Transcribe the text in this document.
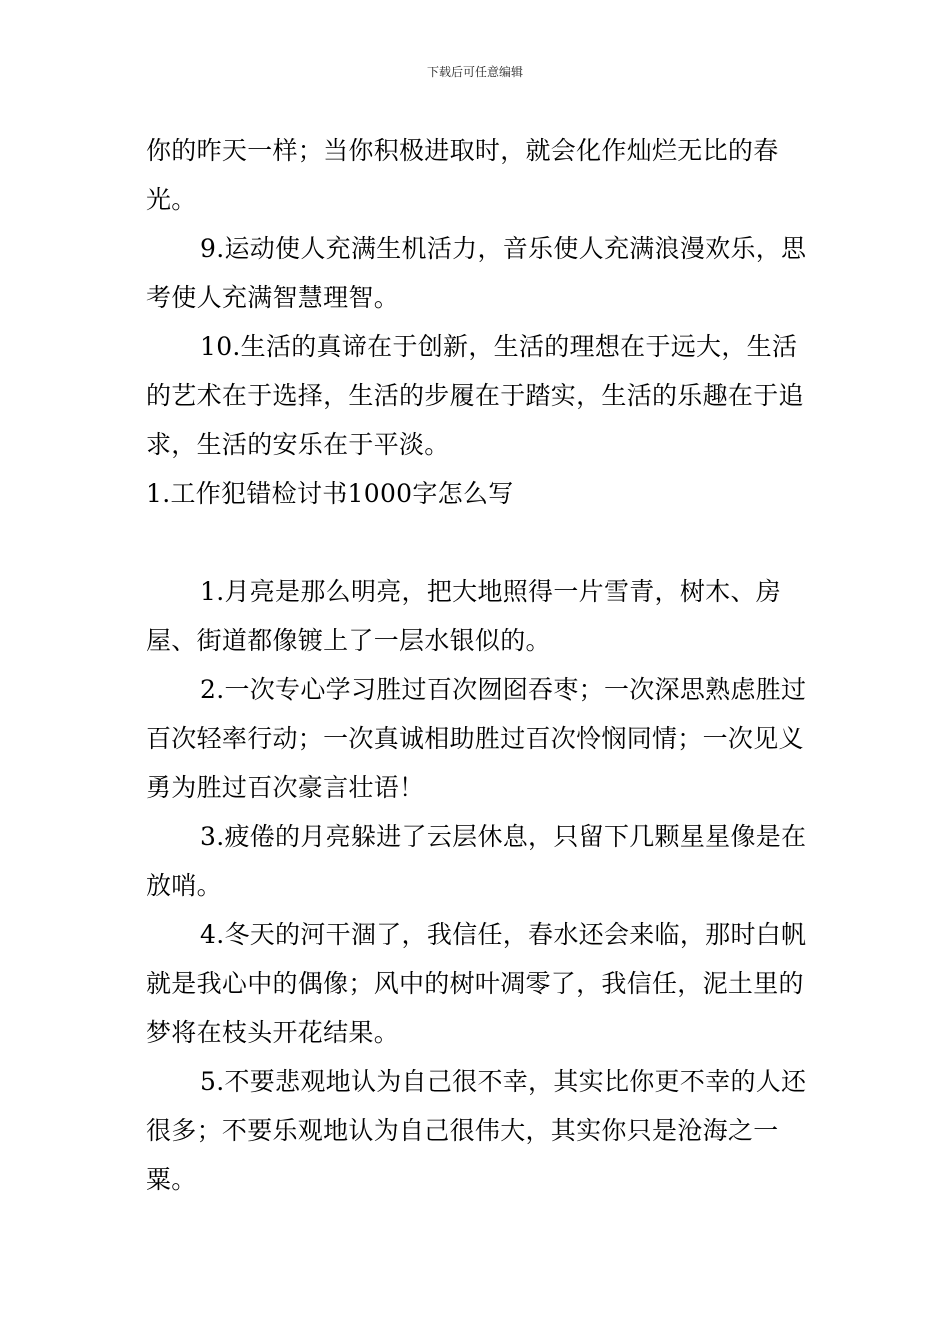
下载后可任意编辑

你的昨天一样；当你积极进取时，就会化作灿烂无比的春光。

9.运动使人充满生机活力，音乐使人充满浪漫欢乐，思考使人充满智慧理智。

10.生活的真谛在于创新，生活的理想在于远大，生活的艺术在于选择，生活的步履在于踏实，生活的乐趣在于追求，生活的安乐在于平淡。

1.工作犯错检讨书1000字怎么写

1.月亮是那么明亮，把大地照得一片雪青，树木、房屋、街道都像镀上了一层水银似的。

2.一次专心学习胜过百次囫囵吞枣；一次深思熟虑胜过百次轻率行动；一次真诚相助胜过百次怜悯同情；一次见义勇为胜过百次豪言壮语！

3.疲倦的月亮躲进了云层休息，只留下几颗星星像是在放哨。

4.冬天的河干涸了，我信任，春水还会来临，那时白帆就是我心中的偶像；风中的树叶凋零了，我信任，泥土里的梦将在枝头开花结果。

5.不要悲观地认为自己很不幸，其实比你更不幸的人还很多；不要乐观地认为自己很伟大，其实你只是沧海之一粟。
